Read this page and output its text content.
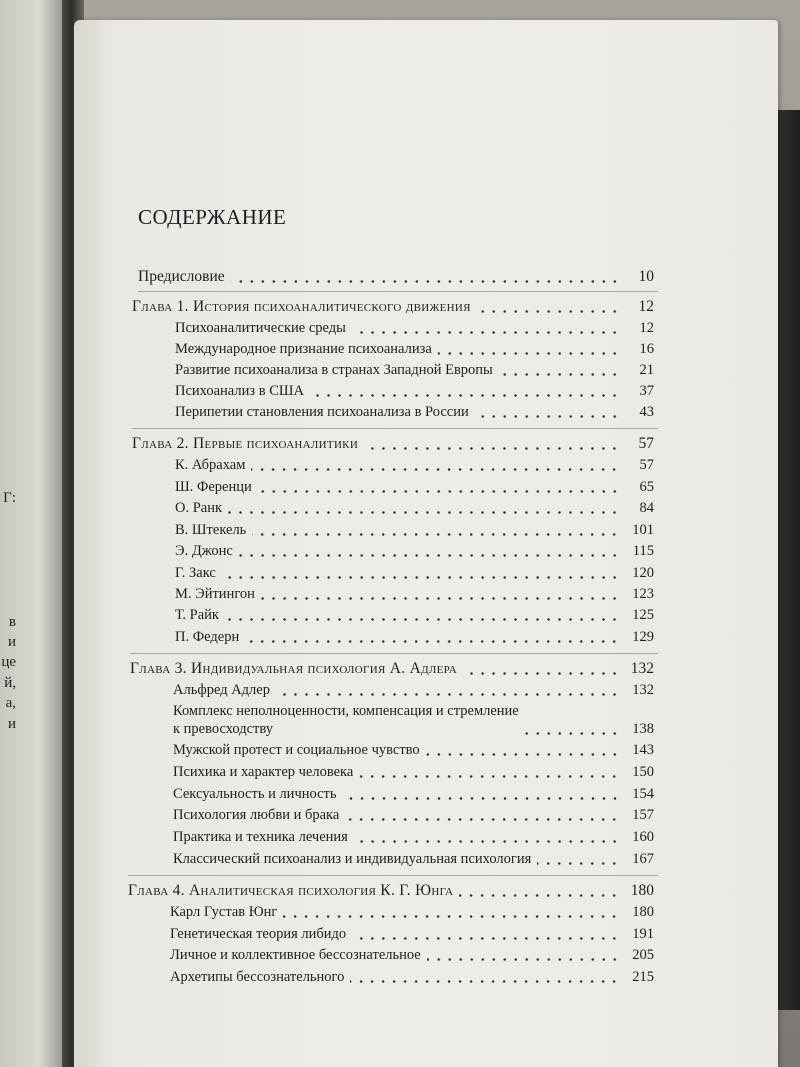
Г:
в
и
це
й,
а,
и
СОДЕРЖАНИЕ
Предисловие	10
Глава 1. История психоаналитического движения	12
Психоаналитические среды	12
Международное признание психоанализа	16
Развитие психоанализа в странах Западной Европы	21
Психоанализ в США	37
Перипетии становления психоанализа в России	43
Глава 2. Первые психоаналитики	57
К. Абрахам	57
Ш. Ференци	65
О. Ранк	84
В. Штекель	101
Э. Джонс	115
Г. Закс	120
М. Эйтингон	123
Т. Райк	125
П. Федерн	129
Глава 3. Индивидуальная психология А. Адлера	132
Альфред Адлер	132
Комплекс неполноценности, компенсация и стремление
к превосходству	138
Мужской протест и социальное чувство	143
Психика и характер человека	150
Сексуальность и личность	154
Психология любви и брака	157
Практика и техника лечения	160
Классический психоанализ и индивидуальная психология	167
Глава 4. Аналитическая психология К. Г. Юнга	180
Карл Густав Юнг	180
Генетическая теория либидо	191
Личное и коллективное бессознательное	205
Архетипы бессознательного	215
